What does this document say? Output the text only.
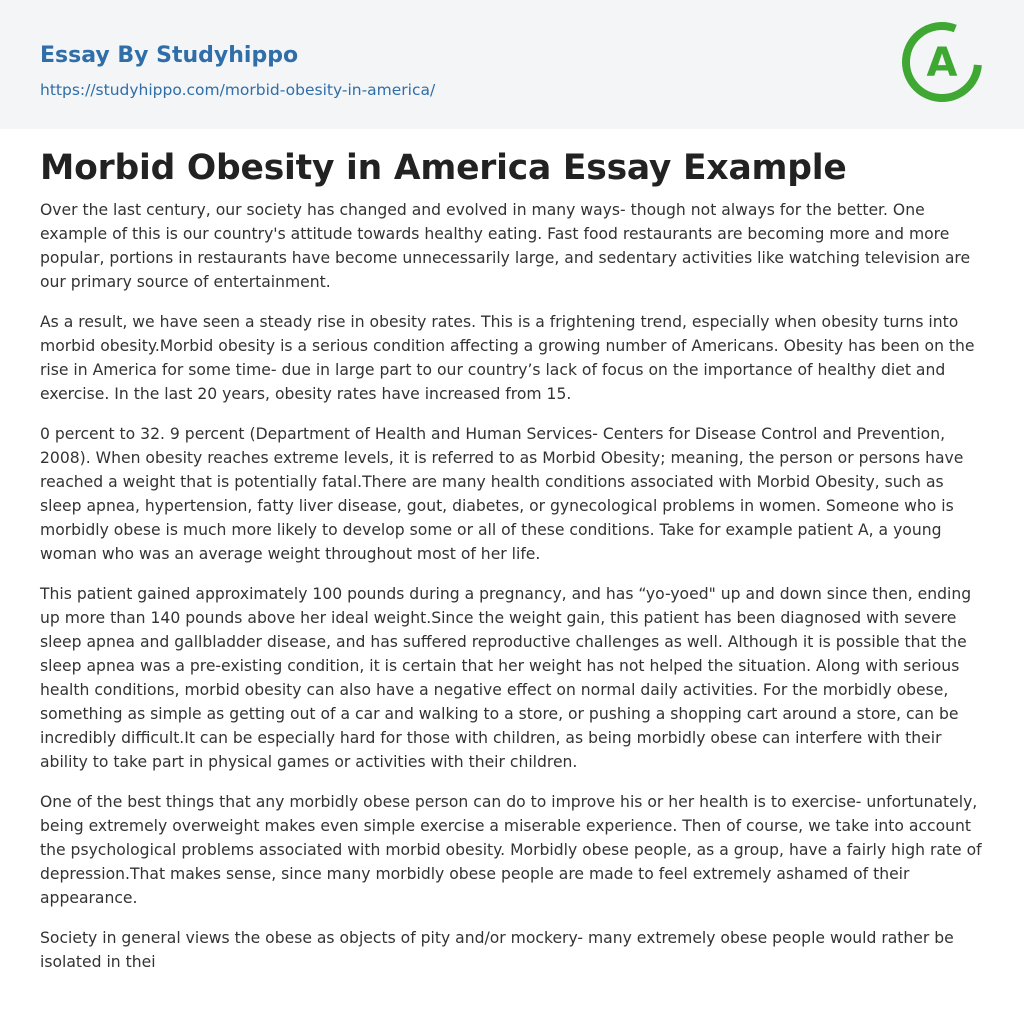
Essay By Studyhippo
https://studyhippo.com/morbid-obesity-in-america/
A
Morbid Obesity in America Essay Example

Over the last century, our society has changed and evolved in many ways- though not always for the better. One example of this is our country's attitude towards healthy eating. Fast food restaurants are becoming more and more popular, portions in restaurants have become unnecessarily large, and sedentary activities like watching television are our primary source of entertainment.

As a result, we have seen a steady rise in obesity rates. This is a frightening trend, especially when obesity turns into morbid obesity.Morbid obesity is a serious condition affecting a growing number of Americans. Obesity has been on the rise in America for some time- due in large part to our country’s lack of focus on the importance of healthy diet and exercise. In the last 20 years, obesity rates have increased from 15.

0 percent to 32. 9 percent (Department of Health and Human Services- Centers for Disease Control and Prevention, 2008). When obesity reaches extreme levels, it is referred to as Morbid Obesity; meaning, the person or persons have reached a weight that is potentially fatal.There are many health conditions associated with Morbid Obesity, such as sleep apnea, hypertension, fatty liver disease, gout, diabetes, or gynecological problems in women. Someone who is morbidly obese is much more likely to develop some or all of these conditions. Take for example patient A, a young woman who was an average weight throughout most of her life.

This patient gained approximately 100 pounds during a pregnancy, and has “yo-yoed" up and down since then, ending up more than 140 pounds above her ideal weight.Since the weight gain, this patient has been diagnosed with severe sleep apnea and gallbladder disease, and has suffered reproductive challenges as well. Although it is possible that the sleep apnea was a pre-existing condition, it is certain that her weight has not helped the situation. Along with serious health conditions, morbid obesity can also have a negative effect on normal daily activities. For the morbidly obese, something as simple as getting out of a car and walking to a store, or pushing a shopping cart around a store, can be incredibly difficult.It can be especially hard for those with children, as being morbidly obese can interfere with their ability to take part in physical games or activities with their children.

One of the best things that any morbidly obese person can do to improve his or her health is to exercise- unfortunately, being extremely overweight makes even simple exercise a miserable experience. Then of course, we take into account the psychological problems associated with morbid obesity. Morbidly obese people, as a group, have a fairly high rate of depression.That makes sense, since many morbidly obese people are made to feel extremely ashamed of their appearance.

Society in general views the obese as objects of pity and/or mockery- many extremely obese people would rather be isolated in thei
